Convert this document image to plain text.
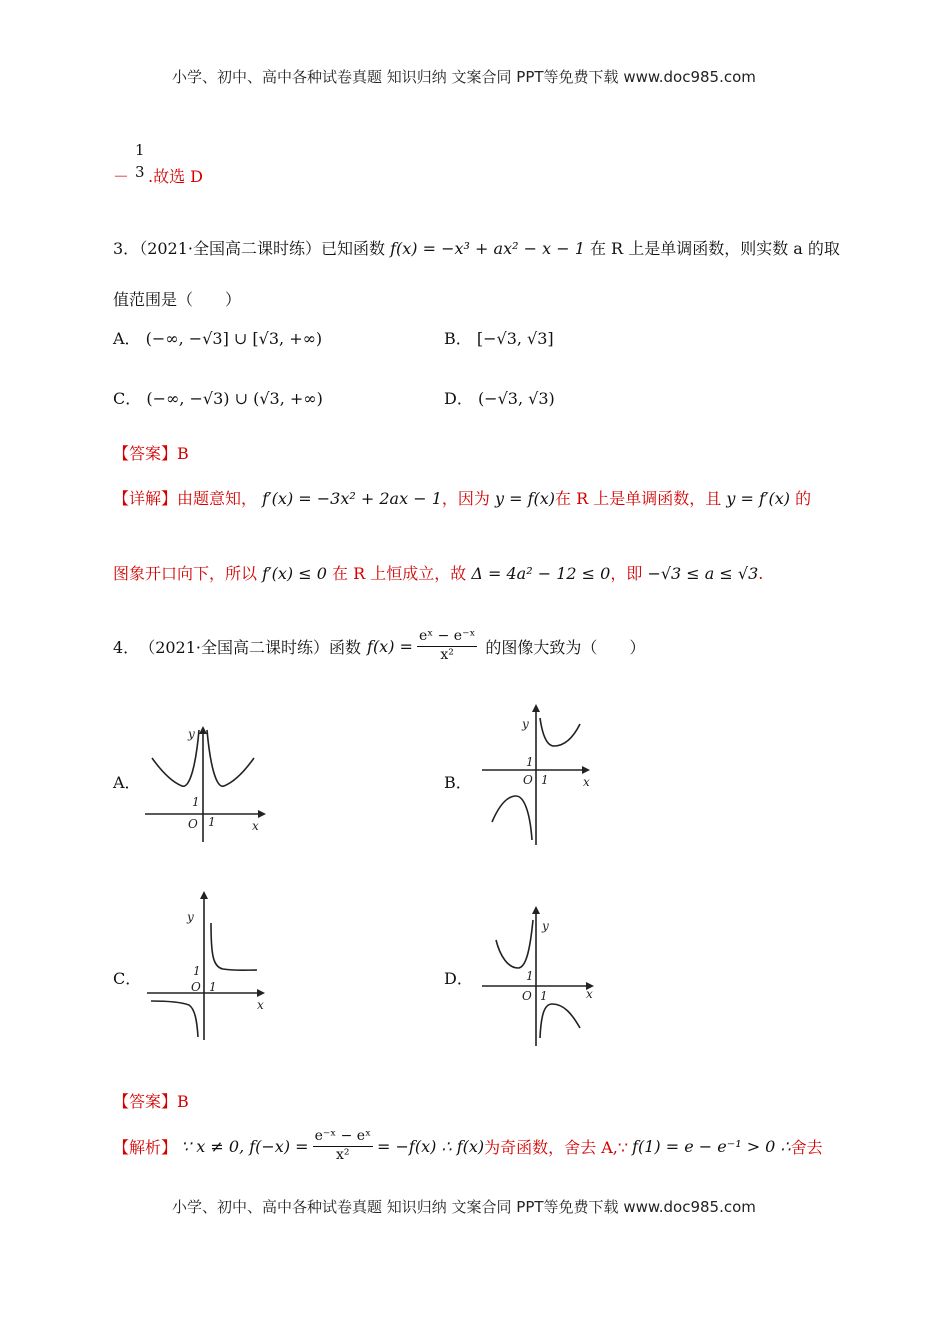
小学、初中、高中各种试卷真题 知识归纳 文案合同 PPT等免费下载 www.doc985.com
－
1
3 .故选 D
3．（2021·全国高二课时练）已知函数 f(x) = −x³ + ax² − x − 1 在 R 上是单调函数，则实数 a 的取
值范围是（　　）
A． (−∞, −√3] ∪ [√3, +∞)	B． [−√3, √3]
C． (−∞, −√3) ∪ (√3, +∞)	D． (−√3, √3)
【答案】B
【详解】由题意知， f′(x) = −3x² + 2ax − 1，因为 y = f(x)在 R 上是单调函数，且 y = f′(x) 的
图象开口向下，所以 f′(x) ≤ 0 在 R 上恒成立，故 Δ = 4a² − 12 ≤ 0，即 −√3 ≤ a ≤ √3.
4． （2021·全国高二课时练） 函数 $f(x) = \frac{\text{eˣ − e⁻ˣ}}{\text{x²}}$ 的图像大致为（　　）
A．
1
1
O	x
y
B．
1
1
O	x
y
C．	1
1
O
x
y
D．	1
1
O	x
y
【答案】B
【解析】 ∵ x ≠ 0, $f(-x) = \frac{\text{e⁻ˣ − eˣ}}{\text{x²}} = -f(x)$ ∴ f(x) 为奇函数，舍去 A,∵ f(1) = e − e⁻¹ > 0 ∴ 舍去
小学、初中、高中各种试卷真题 知识归纳 文案合同 PPT等免费下载 www.doc985.com
